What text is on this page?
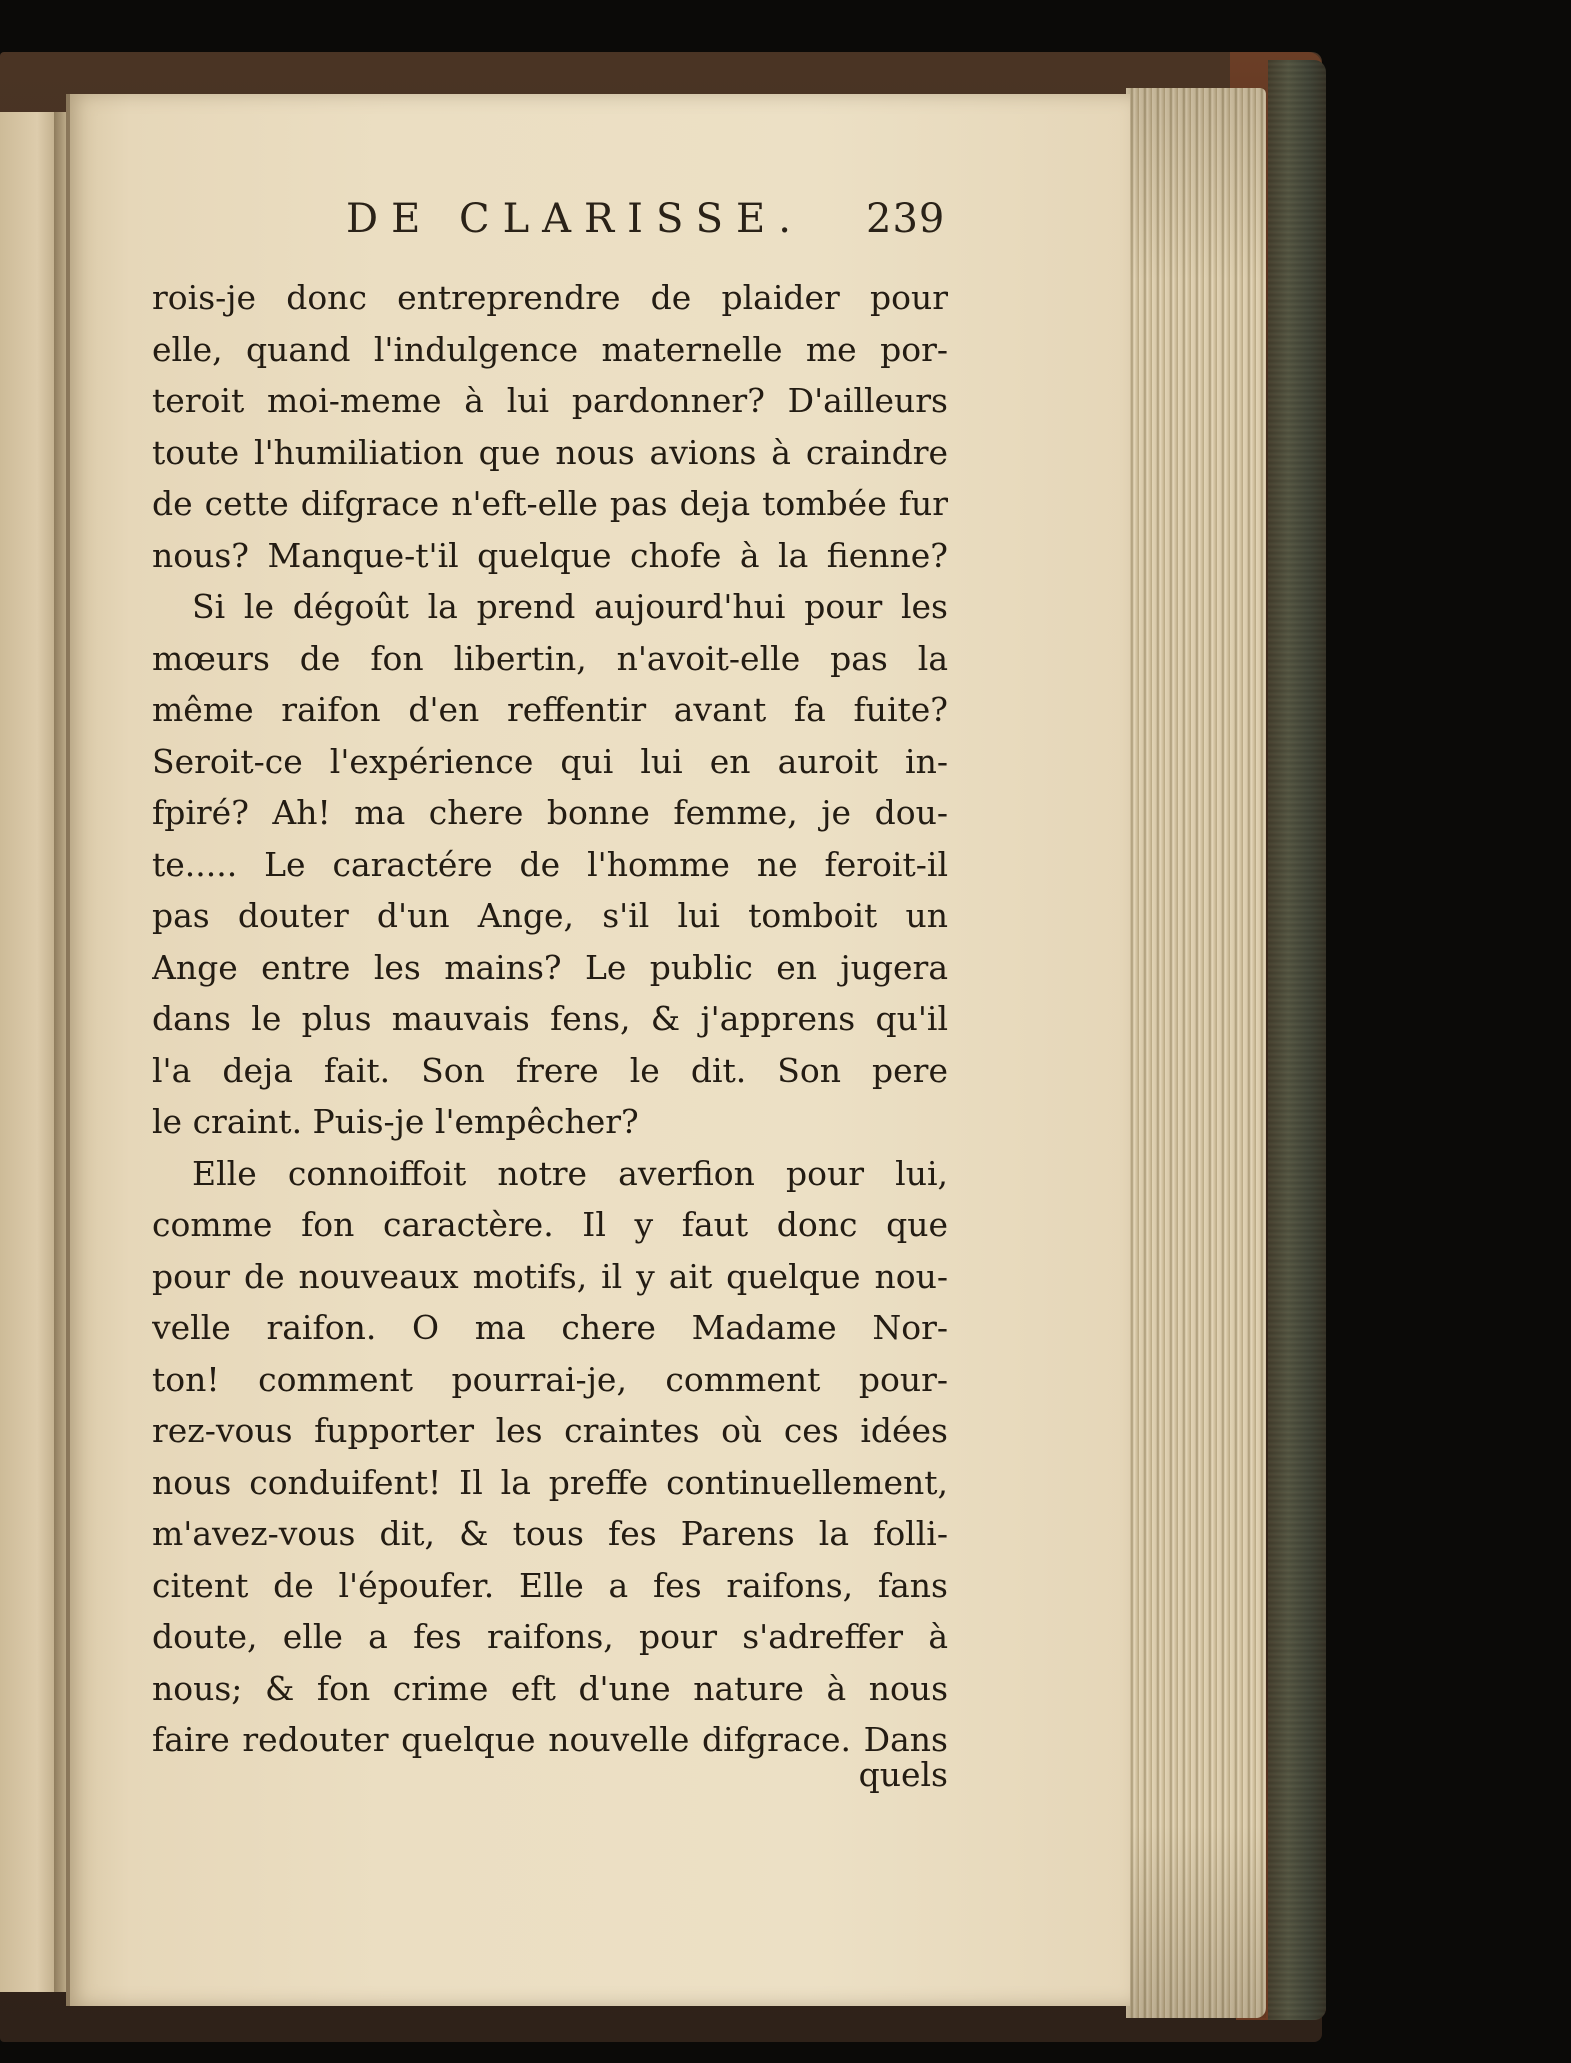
DE CLARISSE. 239
rois-je donc entreprendre de plaider pour
elle, quand l'indulgence maternelle me por-
teroit moi-meme à lui pardonner? D'ailleurs
toute l'humiliation que nous avions à craindre
de cette difgrace n'eft-elle pas deja tombée fur
nous? Manque-t'il quelque chofe à la fienne?
Si le dégoût la prend aujourd'hui pour les
mœurs de fon libertin, n'avoit-elle pas la
même raifon d'en reffentir avant fa fuite?
Seroit-ce l'expérience qui lui en auroit in-
fpiré? Ah! ma chere bonne femme, je dou-
te..... Le caractére de l'homme ne feroit-il
pas douter d'un Ange, s'il lui tomboit un
Ange entre les mains? Le public en jugera
dans le plus mauvais fens, & j'apprens qu'il
l'a deja fait. Son frere le dit. Son pere
le craint. Puis-je l'empêcher?
Elle connoiffoit notre averfion pour lui,
comme fon caractère. Il y faut donc que
pour de nouveaux motifs, il y ait quelque nou-
velle raifon. O ma chere Madame Nor-
ton! comment pourrai-je, comment pour-
rez-vous fupporter les craintes où ces idées
nous conduifent! Il la preffe continuellement,
m'avez-vous dit, & tous fes Parens la folli-
citent de l'époufer. Elle a fes raifons, fans
doute, elle a fes raifons, pour s'adreffer à
nous; & fon crime eft d'une nature à nous
faire redouter quelque nouvelle difgrace. Dans
quels
